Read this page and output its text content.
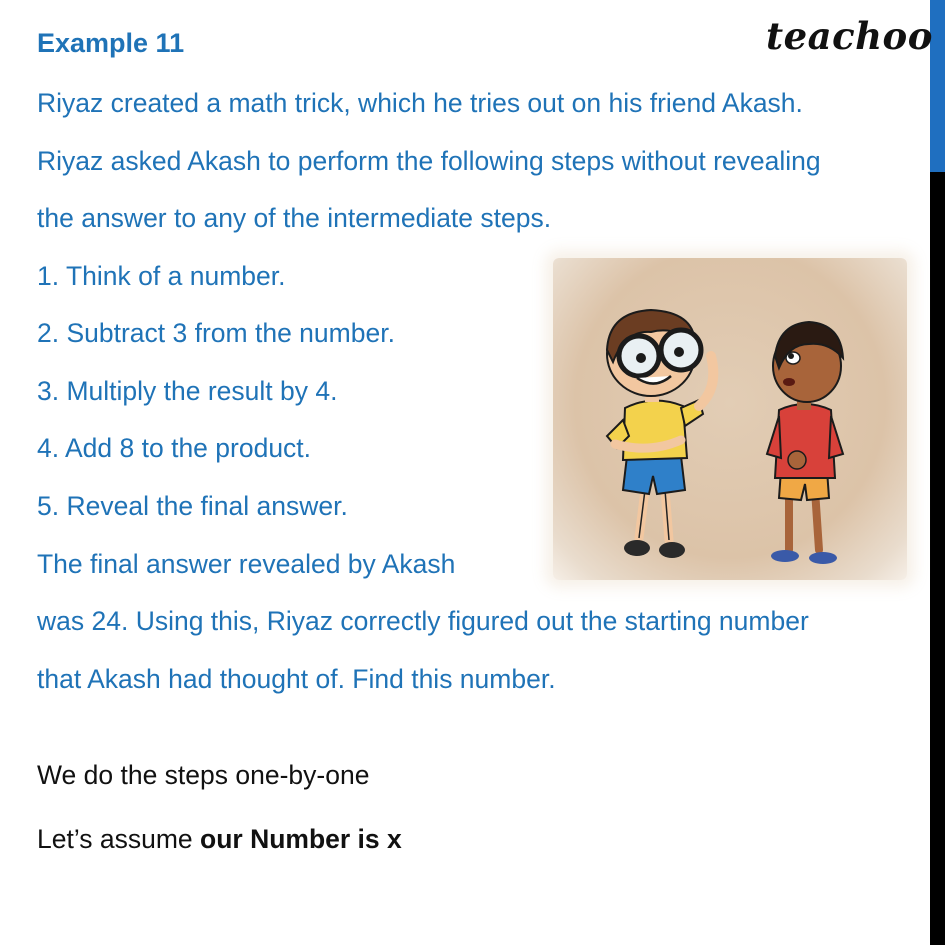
Example 11	teachoo

Riyaz created a math trick, which he tries out on his friend Akash.

Riyaz asked Akash to perform the following steps without revealing

the answer to any of the intermediate steps.

1. Think of a number.

2. Subtract 3 from the number.

3. Multiply the result by 4.

4. Add 8 to the product.

5. Reveal the final answer.

The final answer revealed by Akash

was 24. Using this, Riyaz correctly figured out the starting number

that Akash had thought of. Find this number.

We do the steps one-by-one

Let’s assume our Number is x
